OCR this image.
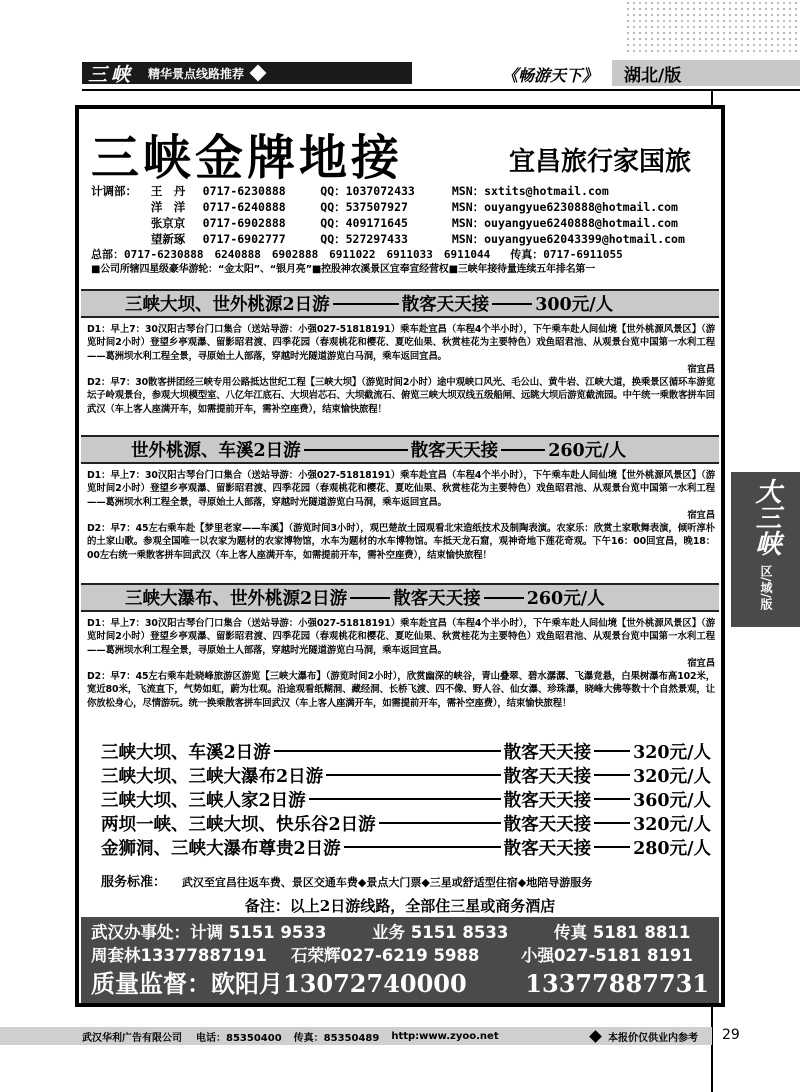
三峡 精华景点线路推荐	《畅游天下》 湖北/版
大三峡
区/域/版
三峡金牌地接	宜昌旅行家国旅
计调部：	王　丹	0717-6230888	QQ：1037072433	MSN：sxtits@hotmail.com
洋　洋	0717-6240888	QQ：537507927	MSN：ouyangyue6230888@hotmail.com
张京京	0717-6902888	QQ：409171645	MSN：ouyangyue6240888@hotmail.com
望新琢	0717-6902777	QQ：527297433	MSN：ouyangyue62043399@hotmail.com
总部：0717-6230888　6240888　6902888　6911022　6911033　6911044 传真：0717-6911055
■公司所辖四星级豪华游轮：“金太阳”、“银月亮”■控股神农溪景区宜奉宣经营权■三峡年接待量连续五年排名第一
三峡大坝、世外桃源2日游	散客天天接	300元/人
D1：早上7：30汉阳古琴台门口集合（送站导游：小强027-51818191）乘车赴宜昌（车程4个半小时），下午乘车赴人间仙境【世外桃源风景区】（游览时间2小时）登望乡亭观瀑、留影昭君渡、四季花园（春观桃花和樱花、夏吃仙果、秋赏桂花为主要特色）戏鱼昭君池、从观景台览中国第一水利工程——葛洲坝水利工程全景，寻原始土人部落，穿越时光隧道游览白马洞，乘车返回宜昌。
宿宜昌
D2：早7：30散客拼团经三峡专用公路抵达世纪工程【三峡大坝】（游览时间2小时）途中观峡口风光、毛公山、黄牛岩、江峡大道，换乘景区循环车游览坛子岭观景台，参观大坝模型室、八亿年江底石、大坝岩芯石、大坝截流石、俯览三峡大坝双线五级船闸、远眺大坝后游览截流园。中午统一乘散客拼车回武汉（车上客人座满开车，如需提前开车，需补空座费），结束愉快旅程！
世外桃源、车溪2日游	散客天天接	260元/人
D1：早上7：30汉阳古琴台门口集合（送站导游：小强027-51818191）乘车赴宜昌（车程4个半小时），下午乘车赴人间仙境【世外桃源风景区】（游览时间2小时）登望乡亭观瀑、留影昭君渡、四季花园（春观桃花和樱花、夏吃仙果、秋赏桂花为主要特色）戏鱼昭君池、从观景台览中国第一水利工程——葛洲坝水利工程全景，寻原始土人部落，穿越时光隧道游览白马洞，乘车返回宜昌。
宿宜昌
D2：早7：45左右乘车赴【梦里老家——车溪】（游览时间3小时），观巴楚故土园观看北宋造纸技术及制陶表演。农家乐：欣赏土家歌舞表演，倾听淳朴的土家山歌。参观全国唯一以农家为题材的农家博物馆，水车为题材的水车博物馆。车抵天龙石窟，观神奇地下莲花奇观。下午16：00回宜昌，晚18：00左右统一乘散客拼车回武汉（车上客人座满开车，如需提前开车，需补空座费），结束愉快旅程！
三峡大瀑布、世外桃源2日游	散客天天接	260元/人
D1：早上7：30汉阳古琴台门口集合（送站导游：小强027-51818191）乘车赴宜昌（车程4个半小时），下午乘车赴人间仙境【世外桃源风景区】（游览时间2小时）登望乡亭观瀑、留影昭君渡、四季花园（春观桃花和樱花、夏吃仙果、秋赏桂花为主要特色）戏鱼昭君池、从观景台览中国第一水利工程——葛洲坝水利工程全景，寻原始土人部落，穿越时光隧道游览白马洞，乘车返回宜昌。
宿宜昌
D2：早7：45左右乘车赴晓峰旅游区游览【三峡大瀑布】（游览时间2小时），欣赏幽深的峡谷，青山叠翠、碧水潺潺、飞瀑竞悬，白果树瀑布高102米，宽近80米，飞流直下，气势如虹，蔚为壮观。沿途观看纸糊洞、藏经洞、长桥飞渡、四不像、野人谷、仙女瀑、珍珠瀑，晓峰大佛等数十个自然景观，让你放松身心，尽情游玩。统一换乘散客拼车回武汉（车上客人座满开车，如需提前开车，需补空座费），结束愉快旅程！
三峡大坝、车溪2日游	散客天天接 320元/人
三峡大坝、三峡大瀑布2日游	散客天天接 320元/人
三峡大坝、三峡人家2日游	散客天天接 360元/人
两坝一峡、三峡大坝、快乐谷2日游	散客天天接 320元/人
金狮洞、三峡大瀑布尊贵2日游	散客天天接 280元/人
服务标准： 武汉至宜昌往返车费、景区交通车费◆景点大门票◆三星或舒适型住宿◆地陪导游服务
备注：以上2日游线路，全部住三星或商务酒店
武汉办事处： 计调 5151 9533	业务 5151 8533	传真 5181 8811
周套林13377887191	石荣辉027-6219 5988	小强027-5181 8191
质量监督：欧阳月13072740000	13377887731
武汉华利广告有限公司 电话：85350400 传真：85350489 http:www.zyoo.net	本报价仅供业内参考 29
